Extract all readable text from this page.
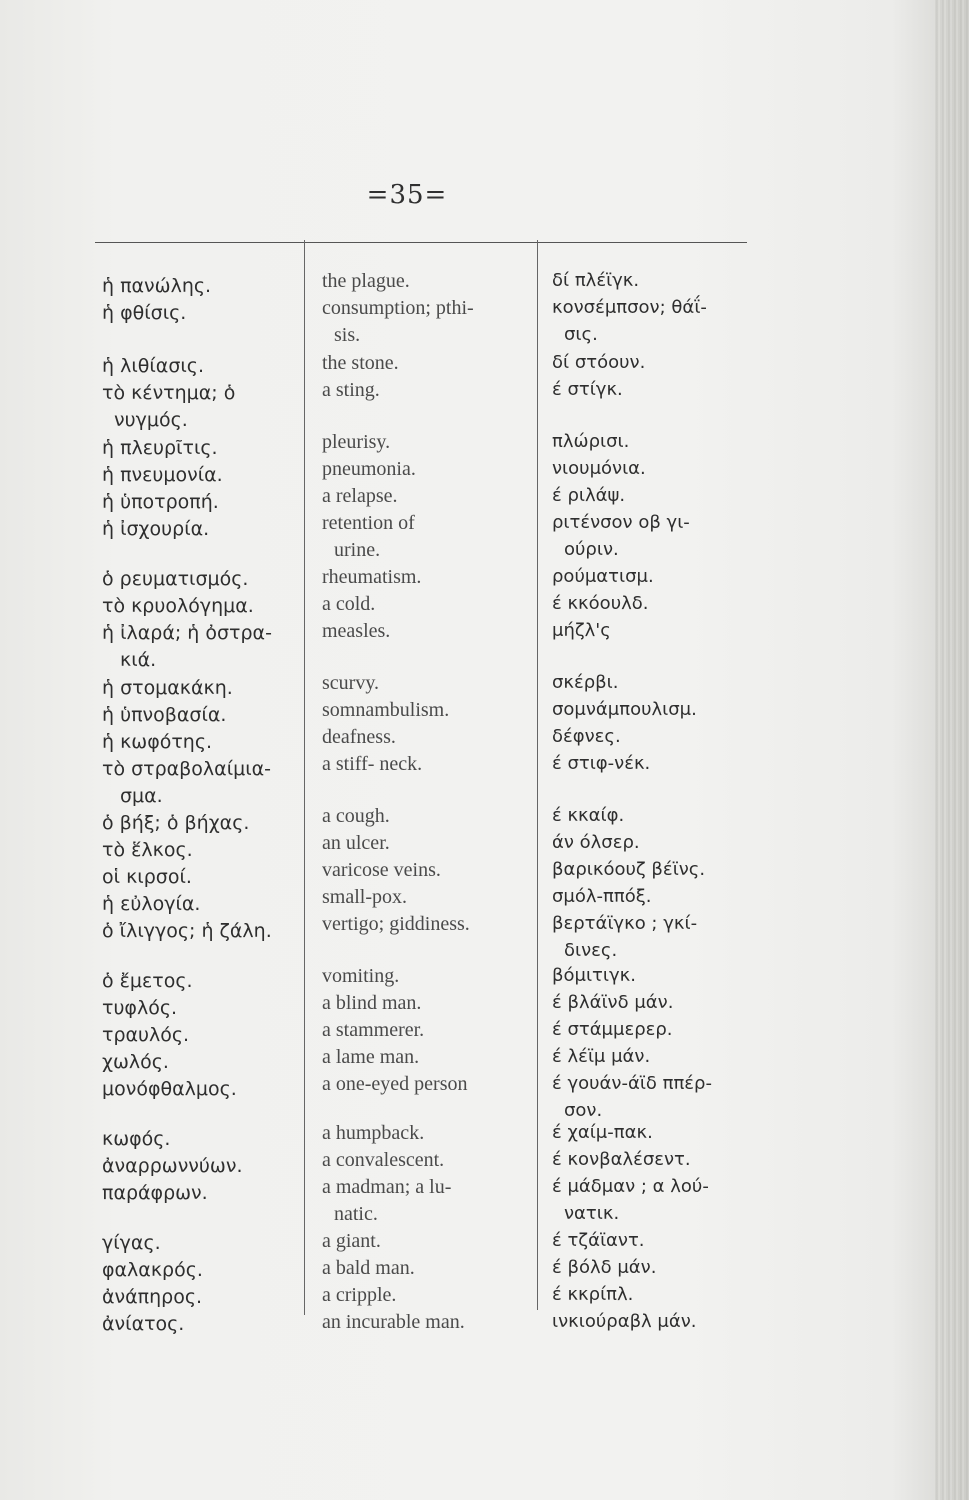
=35=
ἡ πανώλης.
ἡ φθίσις.
ἡ λιθίασις.
τὸ κέντημα; ὁ
νυγμός.
ἡ πλευρῖτις.
ἡ πνευμονία.
ἡ ὑποτροπή.
ἡ ἰσχουρία.
ὁ ρευματισμός.
τὸ κρυολόγημα.
ἡ ἰλαρά; ἡ ὀστρα-
κιά.
ἡ στομακάκη.
ἡ ὑπνοβασία.
ἡ κωφότης.
τὸ στραβολαίμια-
σμα.
ὁ βήξ; ὁ βήχας.
τὸ ἕλκος.
οἱ κιρσοί.
ἡ εὐλογία.
ὁ ἴλιγγος; ἡ ζάλη.
ὁ ἔμετος.
τυφλός.
τραυλός.
χωλός.
μονόφθαλμος.
κωφός.
ἀναρρωννύων.
παράφρων.
γίγας.
φαλακρός.
ἀνάπηρος.
ἀνίατος.
the plague.
consumption; pthi-
sis.
the stone.
a sting.
pleurisy.
pneumonia.
a relapse.
retention of
urine.
rheumatism.
a cold.
measles.
scurvy.
somnambulism.
deafness.
a stiff- neck.
a cough.
an ulcer.
varicose veins.
small-pox.
vertigo; giddiness.
vomiting.
a blind man.
a stammerer.
a lame man.
a one-eyed person
a humpback.
a convalescent.
a madman; a lu-
natic.
a giant.
a bald man.
a cripple.
an incurable man.
δί πλέϊγκ.
κονσέμπσον; θάΐ-
σις.
δί στόουν.
έ στίγκ.
πλώρισι.
νιουμόνια.
έ ριλάψ.
ριτένσον οβ γι-
ούριν.
ρούματισμ.
έ κκόουλδ.
μήζλ'ς
σκέρβι.
σομνάμπουλισμ.
δέφνες.
έ στιφ-νέκ.
έ κκαίφ.
άν όλσερ.
βαρικόουζ βέϊνς.
σμόλ-ππόξ.
βερτάϊγκο ; γκί-
δινες.
βόμιτιγκ.
έ βλάϊνδ μάν.
έ στάμμερερ.
έ λέϊμ μάν.
έ γουάν-άϊδ ππέρ-
σον.
έ χαίμ-πακ.
έ κονβαλέσεντ.
έ μάδμαν ; α λού-
νατικ.
έ τζάϊαντ.
έ βόλδ μάν.
έ κκρίπλ.
ινκιούραβλ μάν.
